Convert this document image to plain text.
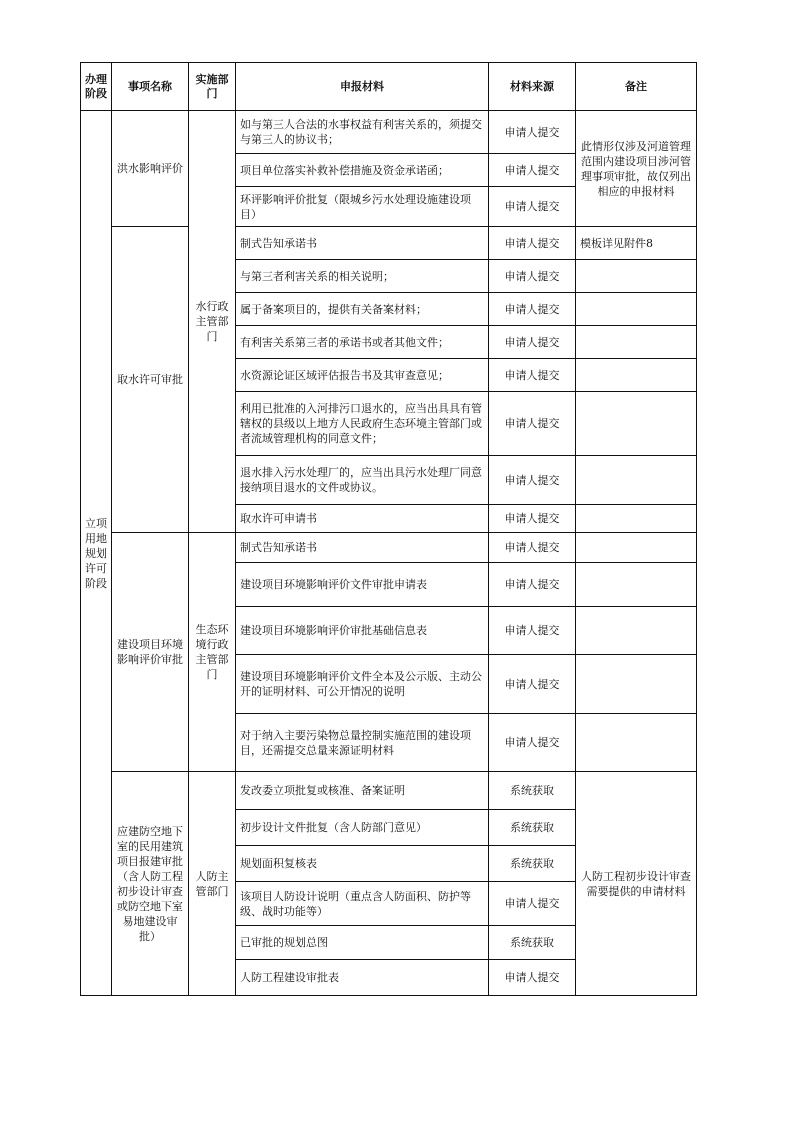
办理阶段	事项名称	实施部门	申报材料	材料来源	备注
立项用地规划许可阶段	洪水影响评价	水行政主管部门	如与第三人合法的水事权益有利害关系的，须提交与第三人的协议书；	申请人提交	此情形仅涉及河道管理范围内建设项目涉河管理事项审批，故仅列出相应的申报材料
			项目单位落实补救补偿措施及资金承诺函；	申请人提交	
			环评影响评价批复（限城乡污水处理设施建设项目）	申请人提交	
	取水许可审批		制式告知承诺书	申请人提交	模板详见附件8
			与第三者利害关系的相关说明；	申请人提交	
			属于备案项目的，提供有关备案材料；	申请人提交	
			有利害关系第三者的承诺书或者其他文件；	申请人提交	
			水资源论证区域评估报告书及其审查意见；	申请人提交	
			利用已批准的入河排污口退水的，应当出具具有管辖权的县级以上地方人民政府生态环境主管部门或者流域管理机构的同意文件；	申请人提交	
			退水排入污水处理厂的，应当出具污水处理厂同意接纳项目退水的文件或协议。	申请人提交	
			取水许可申请书	申请人提交	
	建设项目环境影响评价审批	生态环境行政主管部门	制式告知承诺书	申请人提交	
			建设项目环境影响评价文件审批申请表	申请人提交	
			建设项目环境影响评价审批基础信息表	申请人提交	
			建设项目环境影响评价文件全本及公示版、主动公开的证明材料、可公开情况的说明	申请人提交	
			对于纳入主要污染物总量控制实施范围的建设项目，还需提交总量来源证明材料	申请人提交	
	应建防空地下室的民用建筑项目报建审批（含人防工程初步设计审查或防空地下室易地建设审批）	人防主管部门	发改委立项批复或核准、备案证明	系统获取	人防工程初步设计审查需要提供的申请材料
			初步设计文件批复（含人防部门意见）	系统获取	
			规划面积复核表	系统获取	
			该项目人防设计说明（重点含人防面积、防护等级、战时功能等）	申请人提交	
			已审批的规划总图	系统获取	
			人防工程建设审批表	申请人提交	
